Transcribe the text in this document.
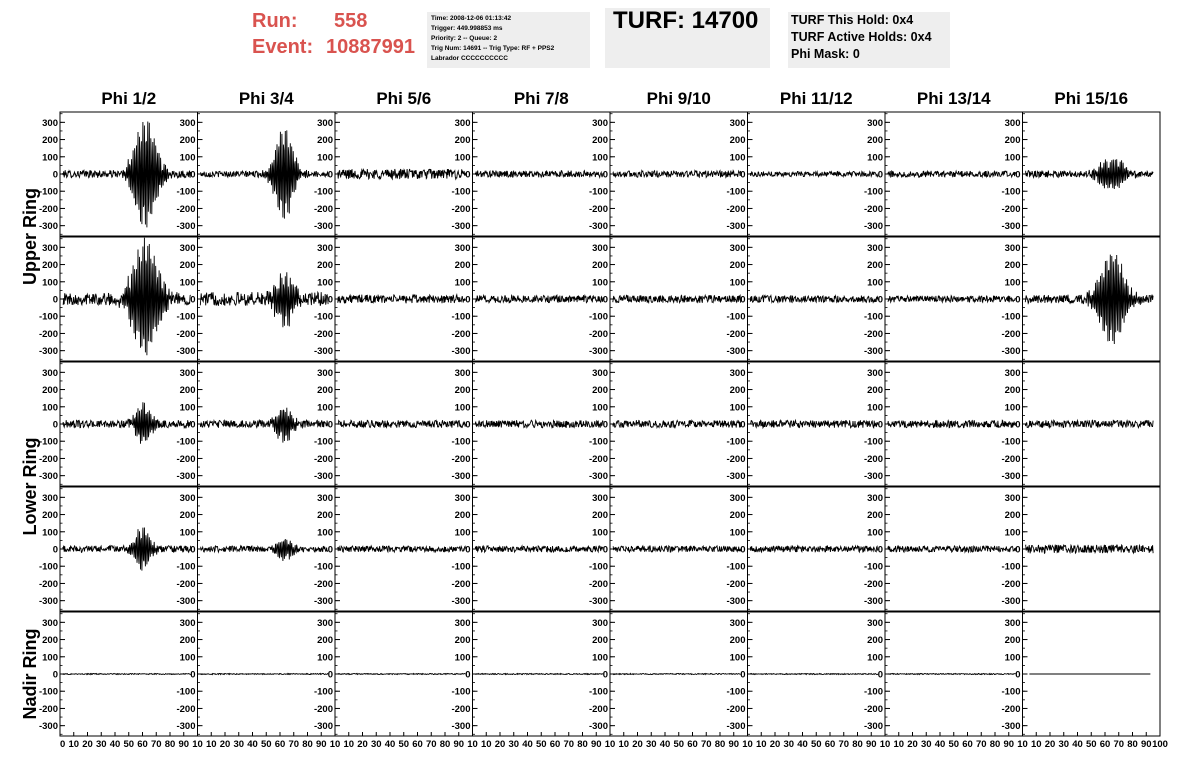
Run: 558
Event: 10887991
Time: 2008-12-06 01:13:42
Trigger: 449.998853 ms
Priority: 2 -- Queue: 2
Trig Num: 14691 -- Trig Type: RF + PPS2
Labrador CCCCCCCCCC
TURF: 14700	TURF This Hold: 0x4
TURF Active Holds: 0x4
Phi Mask: 0
Phi 1/2	Phi 3/4	Phi 5/6	Phi 7/8	Phi 9/10	Phi 11/12	Phi 13/14	Phi 15/16
Upper Ring
Lower Ring
Nadir Ring
-300
-200
-100
0
100
200
300
-300
-200
-100
0
100
200
300
-300
-200
-100
0
100
200
300
-300
-200
-100
0
100
200
300
-300
-200
-100
0
100
200
300
-300
-200
-100
0
100
200
300
-300
-200
-100
0
100
200
300
-300
-200
-100
0
100
200
300
-300
-200
-100
0
100
200
300
-300
-200
-100
0
100
200
300
-300
-200
-100
0
100
200
300
-300
-200
-100
0
100
200
300
-300
-200
-100
0
100
200
300
-300
-200
-100
0
100
200
300
-300
-200
-100
0
100
200
300
-300
-200
-100
0
100
200
300
-300
-200
-100
0
100
200
300
-300
-200
-100
0
100
200
300
-300
-200
-100
0
100
200
300
-300
-200
-100
0
100
200
300
-300
-200
-100
0
100
200
300
-300
-200
-100
0
100
200
300
-300
-200
-100
0
100
200
300
-300
-200
-100
0
100
200
300
-300
-200
-100
0
100
200
300
-300
-200
-100
0
100
200
300
-300
-200
-100
0
100
200
300
-300
-200
-100
0
100
200
300
-300
-200
-100
0
100
200
300
-300
-200
-100
0
100
200
300
-300
-200
-100
0
100
200
300
-300
-200
-100
0
100
200
300
-300
-200
-100
0
100
200
300
0 10 20 30 40 50 60 70 80 90 10
-300
-200
-100
0
100
200
300
10 20 30 40 50 60 70 80 90 10
-300
-200
-100
0
100
200
300
10 20 30 40 50 60 70 80 90 10
-300
-200
-100
0
100
200
300
10 20 30 40 50 60 70 80 90 10
-300
-200
-100
0
100
200
300
10 20 30 40 50 60 70 80 90 10
-300
-200
-100
0
100
200
300
10 20 30 40 50 60 70 80 90 10
-300
-200
-100
0
100
200
300
10 20 30 40 50 60 70 80 90 10
-300
-200
-100
0
100
200
300
10 20 30 40 50 60 70 80 90 100
